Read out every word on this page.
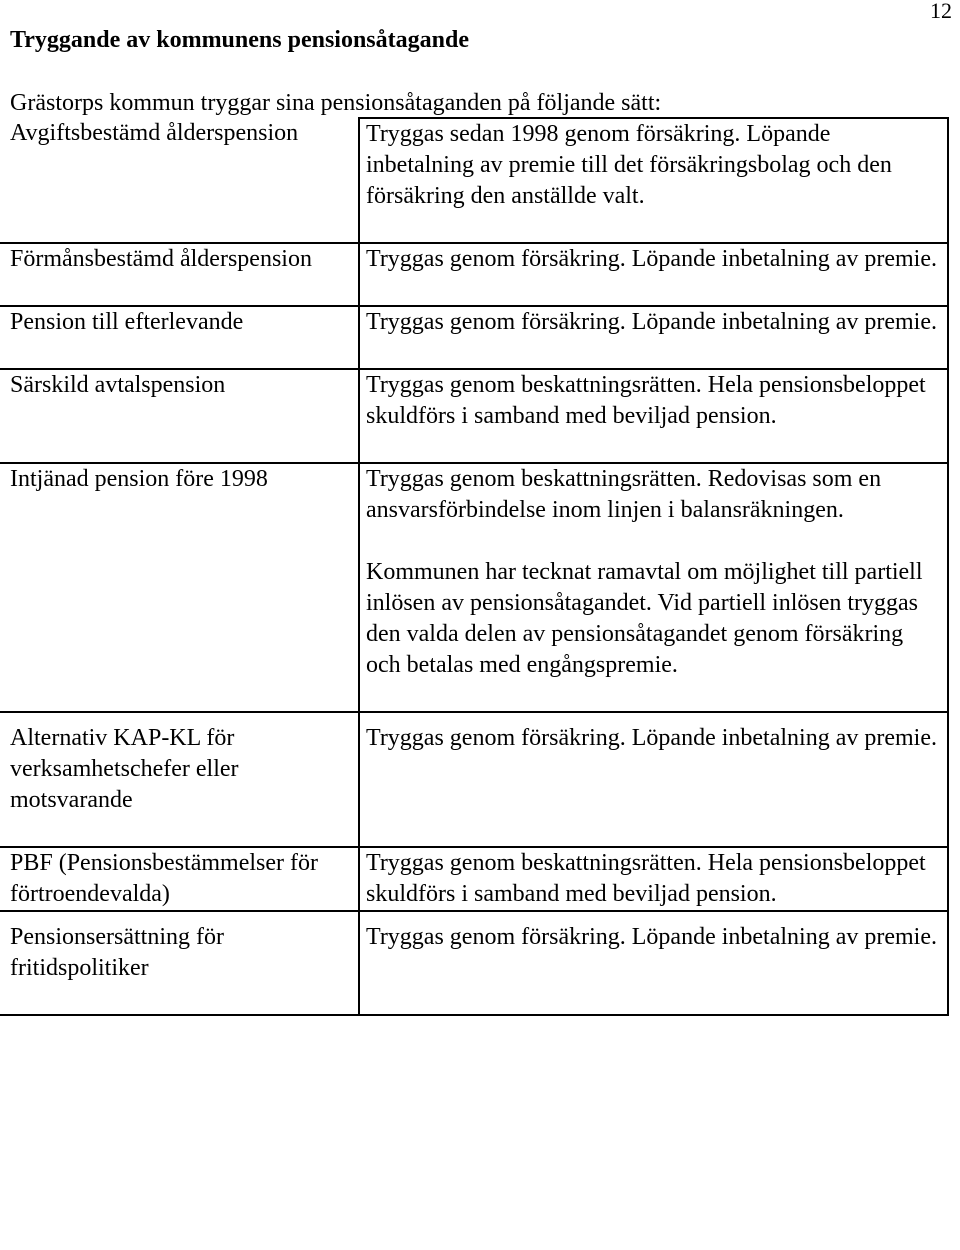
12
Tryggande av kommunens pensionsåtagande
Grästorps kommun tryggar sina pensionsåtaganden på följande sätt:
Avgiftsbestämd ålderspension	Tryggas sedan 1998 genom försäkring. Löpande inbetalning av premie till det försäkringsbolag och den försäkring den anställde valt.

Förmånsbestämd ålderspension	Tryggas genom försäkring. Löpande inbetalning av premie.

Pension till efterlevande	Tryggas genom försäkring. Löpande inbetalning av premie.

Särskild avtalspension	Tryggas genom beskattningsrätten. Hela pensionsbeloppet skuldförs i samband med beviljad pension.

Intjänad pension före 1998	Tryggas genom beskattningsrätten. Redovisas som en ansvarsförbindelse inom linjen i balansräkningen.

Kommunen har tecknat ramavtal om möjlighet till partiell inlösen av pensionsåtagandet. Vid partiell inlösen tryggas den valda delen av pensionsåtagandet genom försäkring och betalas med engångspremie.

Alternativ KAP-KL för verksamhetschefer eller motsvarande	Tryggas genom försäkring. Löpande inbetalning av premie.

PBF (Pensionsbestämmelser för förtroendevalda)	Tryggas genom beskattningsrätten. Hela pensionsbeloppet skuldförs i samband med beviljad pension.

Pensionsersättning för fritidspolitiker	Tryggas genom försäkring. Löpande inbetalning av premie.
